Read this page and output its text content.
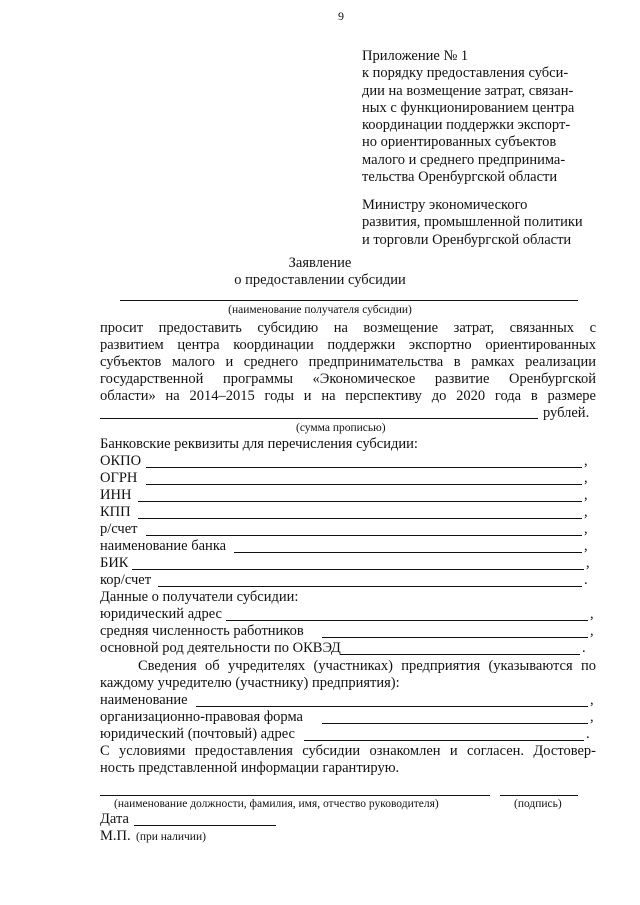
9
Приложение № 1
к порядку предоставления субси-
дии на возмещение затрат, связан-
ных с функционированием центра
координации поддержки экспорт-
но ориентированных субъектов
малого и среднего предпринима-
тельства Оренбургской области
Министру экономического
развития, промышленной политики
и торговли Оренбургской области
Заявление
о предоставлении субсидии
(наименование получателя субсидии)
просит предоставить субсидию на возмещение затрат, связанных с
развитием центра координации поддержки экспортно ориентированных
субъектов малого и среднего предпринимательства в рамках реализации
государственной программы «Экономическое развитие Оренбургской
области» на 2014–2015 годы и на перспективу до 2020 года в размере
рублей.
(сумма прописью)
Банковские реквизиты для перечисления субсидии:
ОКПО	,
ОГРН	,
ИНН	,
КПП	,
р/счет	,
наименование банка	,
БИК	,
кор/счет	.
Данные о получатели субсидии:
юридический адрес	,
средняя численность работников	,
основной род деятельности по ОКВЭД	.
Сведения об учредителях (участниках) предприятия (указываются по
каждому учредителю (участнику) предприятия):
наименование	,
организационно-правовая форма	,
юридический (почтовый) адрес	.
С условиями предоставления субсидии ознакомлен и согласен. Достовер-
ность представленной информации гарантирую.
(наименование должности, фамилия, имя, отчество руководителя)	(подпись)
Дата
М.П. (при наличии)
